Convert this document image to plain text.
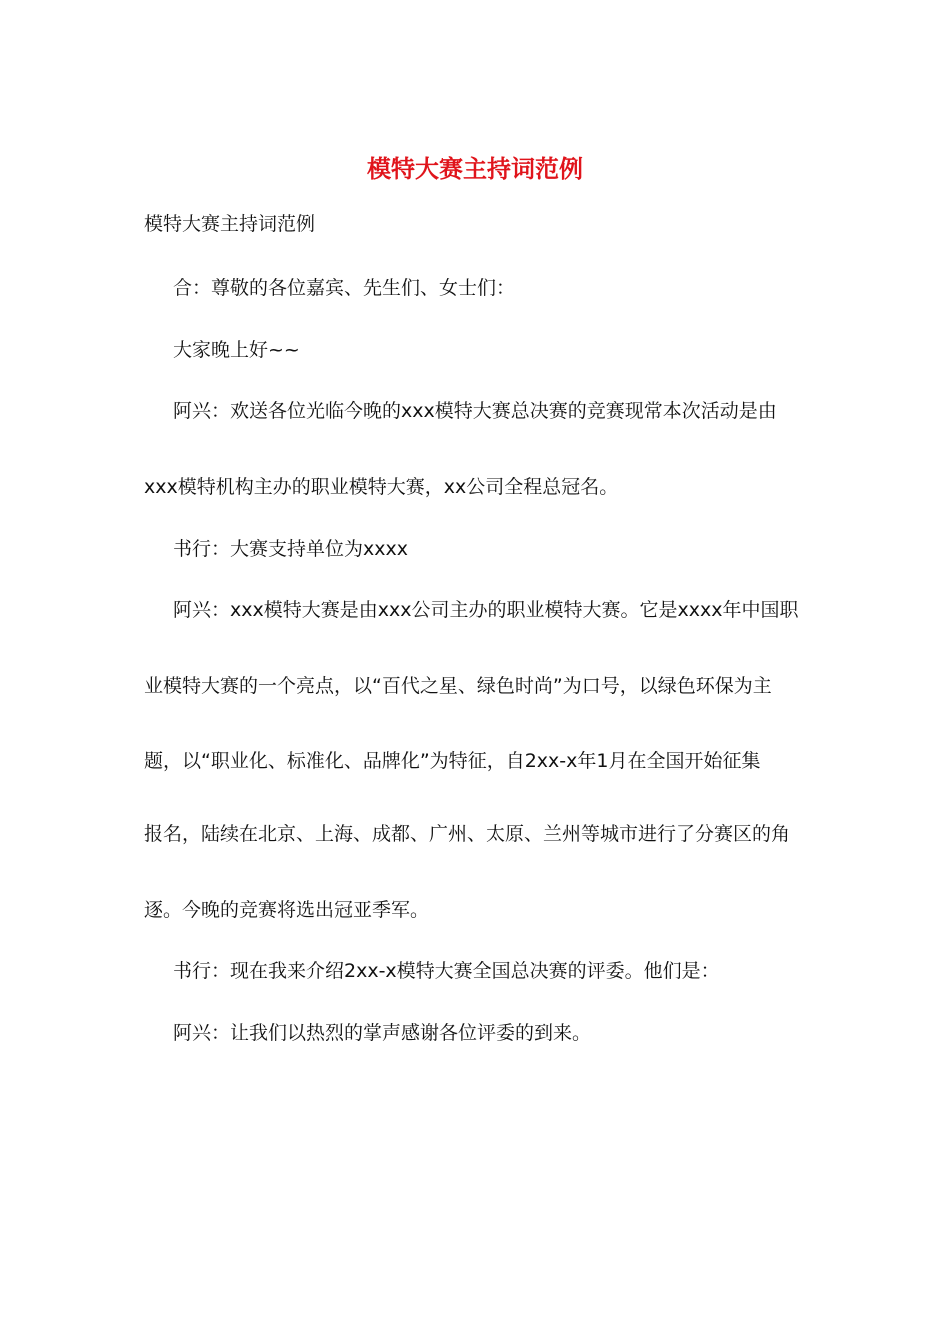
模特大赛主持词范例
模特大赛主持词范例
合：尊敬的各位嘉宾、先生们、女士们：
大家晚上好~~
阿兴：欢送各位光临今晚的xxx模特大赛总决赛的竞赛现常本次活动是由
xxx模特机构主办的职业模特大赛，xx公司全程总冠名。
书行：大赛支持单位为xxxx
阿兴：xxx模特大赛是由xxx公司主办的职业模特大赛。它是xxxx年中国职
业模特大赛的一个亮点，以“百代之星、绿色时尚”为口号，以绿色环保为主
题，以“职业化、标准化、品牌化”为特征，自2xx-x年1月在全国开始征集
报名，陆续在北京、上海、成都、广州、太原、兰州等城市进行了分赛区的角
逐。今晚的竞赛将选出冠亚季军。
书行：现在我来介绍2xx-x模特大赛全国总决赛的评委。他们是：
阿兴：让我们以热烈的掌声感谢各位评委的到来。
